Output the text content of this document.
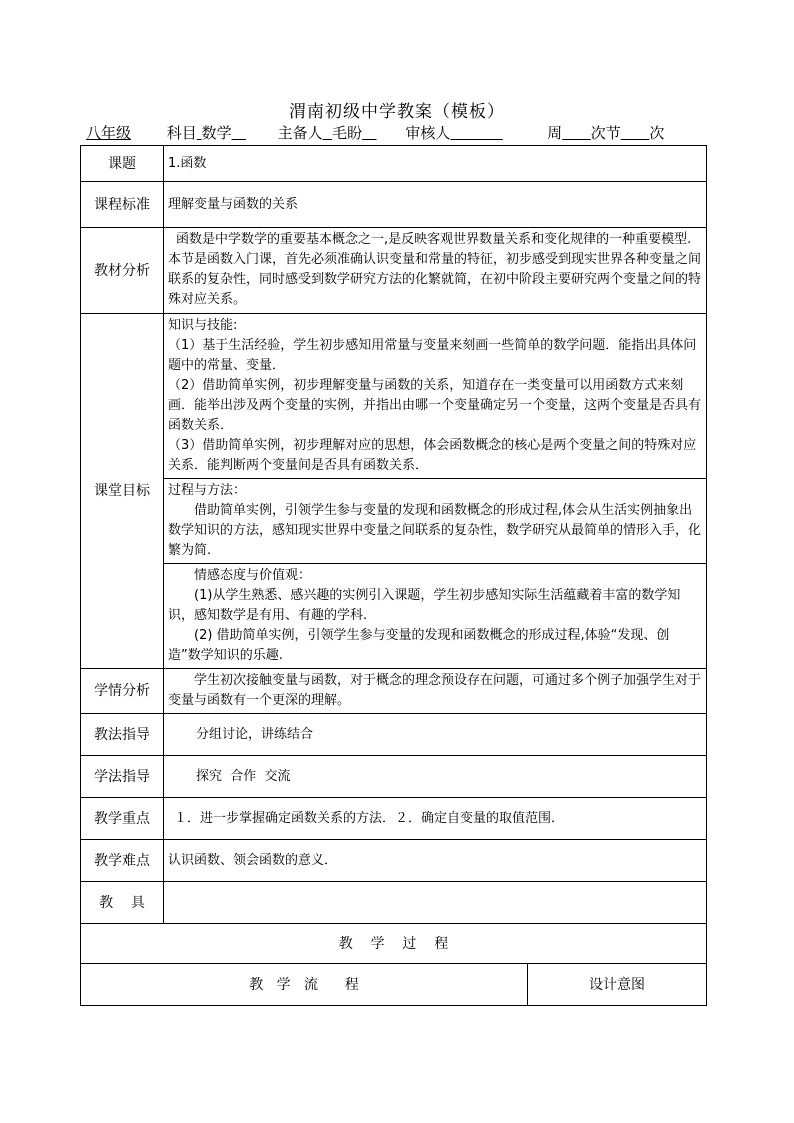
渭南初级中学教案（模板）
八年级 科目 数学	主备人 毛盼	审核人	周 次节 次
课题	1.函数	
课程标准	理解变量与函数的关系	
教材分析	函数是中学数学的重要基本概念之一,是反映客观世界数量关系和变化规律的一种重要模型.本节是函数入门课，首先必须准确认识变量和常量的特征，初步感受到现实世界各种变量之间联系的复杂性，同时感受到数学研究方法的化繁就简，在初中阶段主要研究两个变量之间的特殊对应关系。	

课堂目标	知识与技能:

（1）基于生活经验，学生初步感知用常量与变量来刻画一些简单的数学问题．能指出具体问题中的常量、变量．

（2）借助简单实例，初步理解变量与函数的关系，知道存在一类变量可以用函数方式来刻画．能举出涉及两个变量的实例，并指出由哪一个变量确定另一个变量，这两个变量是否具有函数关系．

（3）借助简单实例，初步理解对应的思想，体会函数概念的核心是两个变量之间的特殊对应关系．能判断两个变量间是否具有函数关系．	

	过程与方法：

借助简单实例，引领学生参与变量的发现和函数概念的形成过程,体会从生活实例抽象出数学知识的方法，感知现实世界中变量之间联系的复杂性，数学研究从最简单的情形入手，化繁为简.	

	情感态度与价值观：

(1)从学生熟悉、感兴趣的实例引入课题，学生初步感知实际生活蕴藏着丰富的数学知识，感知数学是有用、有趣的学科.

(2) 借助简单实例，引领学生参与变量的发现和函数概念的形成过程,体验“发现、创造”数学知识的乐趣.	

学情分析	学生初次接触变量与函数，对于概念的理念预设存在问题，可通过多个例子加强学生对于变量与函数有一个更深的理解。	

教法指导	分组讨论，讲练结合	
学法指导	探究  合作  交流	
教学重点	１．进一步掌握确定函数关系的方法．２．确定自变量的取值范围．	
教学难点	认识函数、领会函数的意义．	
教    具		
教    学    过    程		
教   学   流      程		设计意图
